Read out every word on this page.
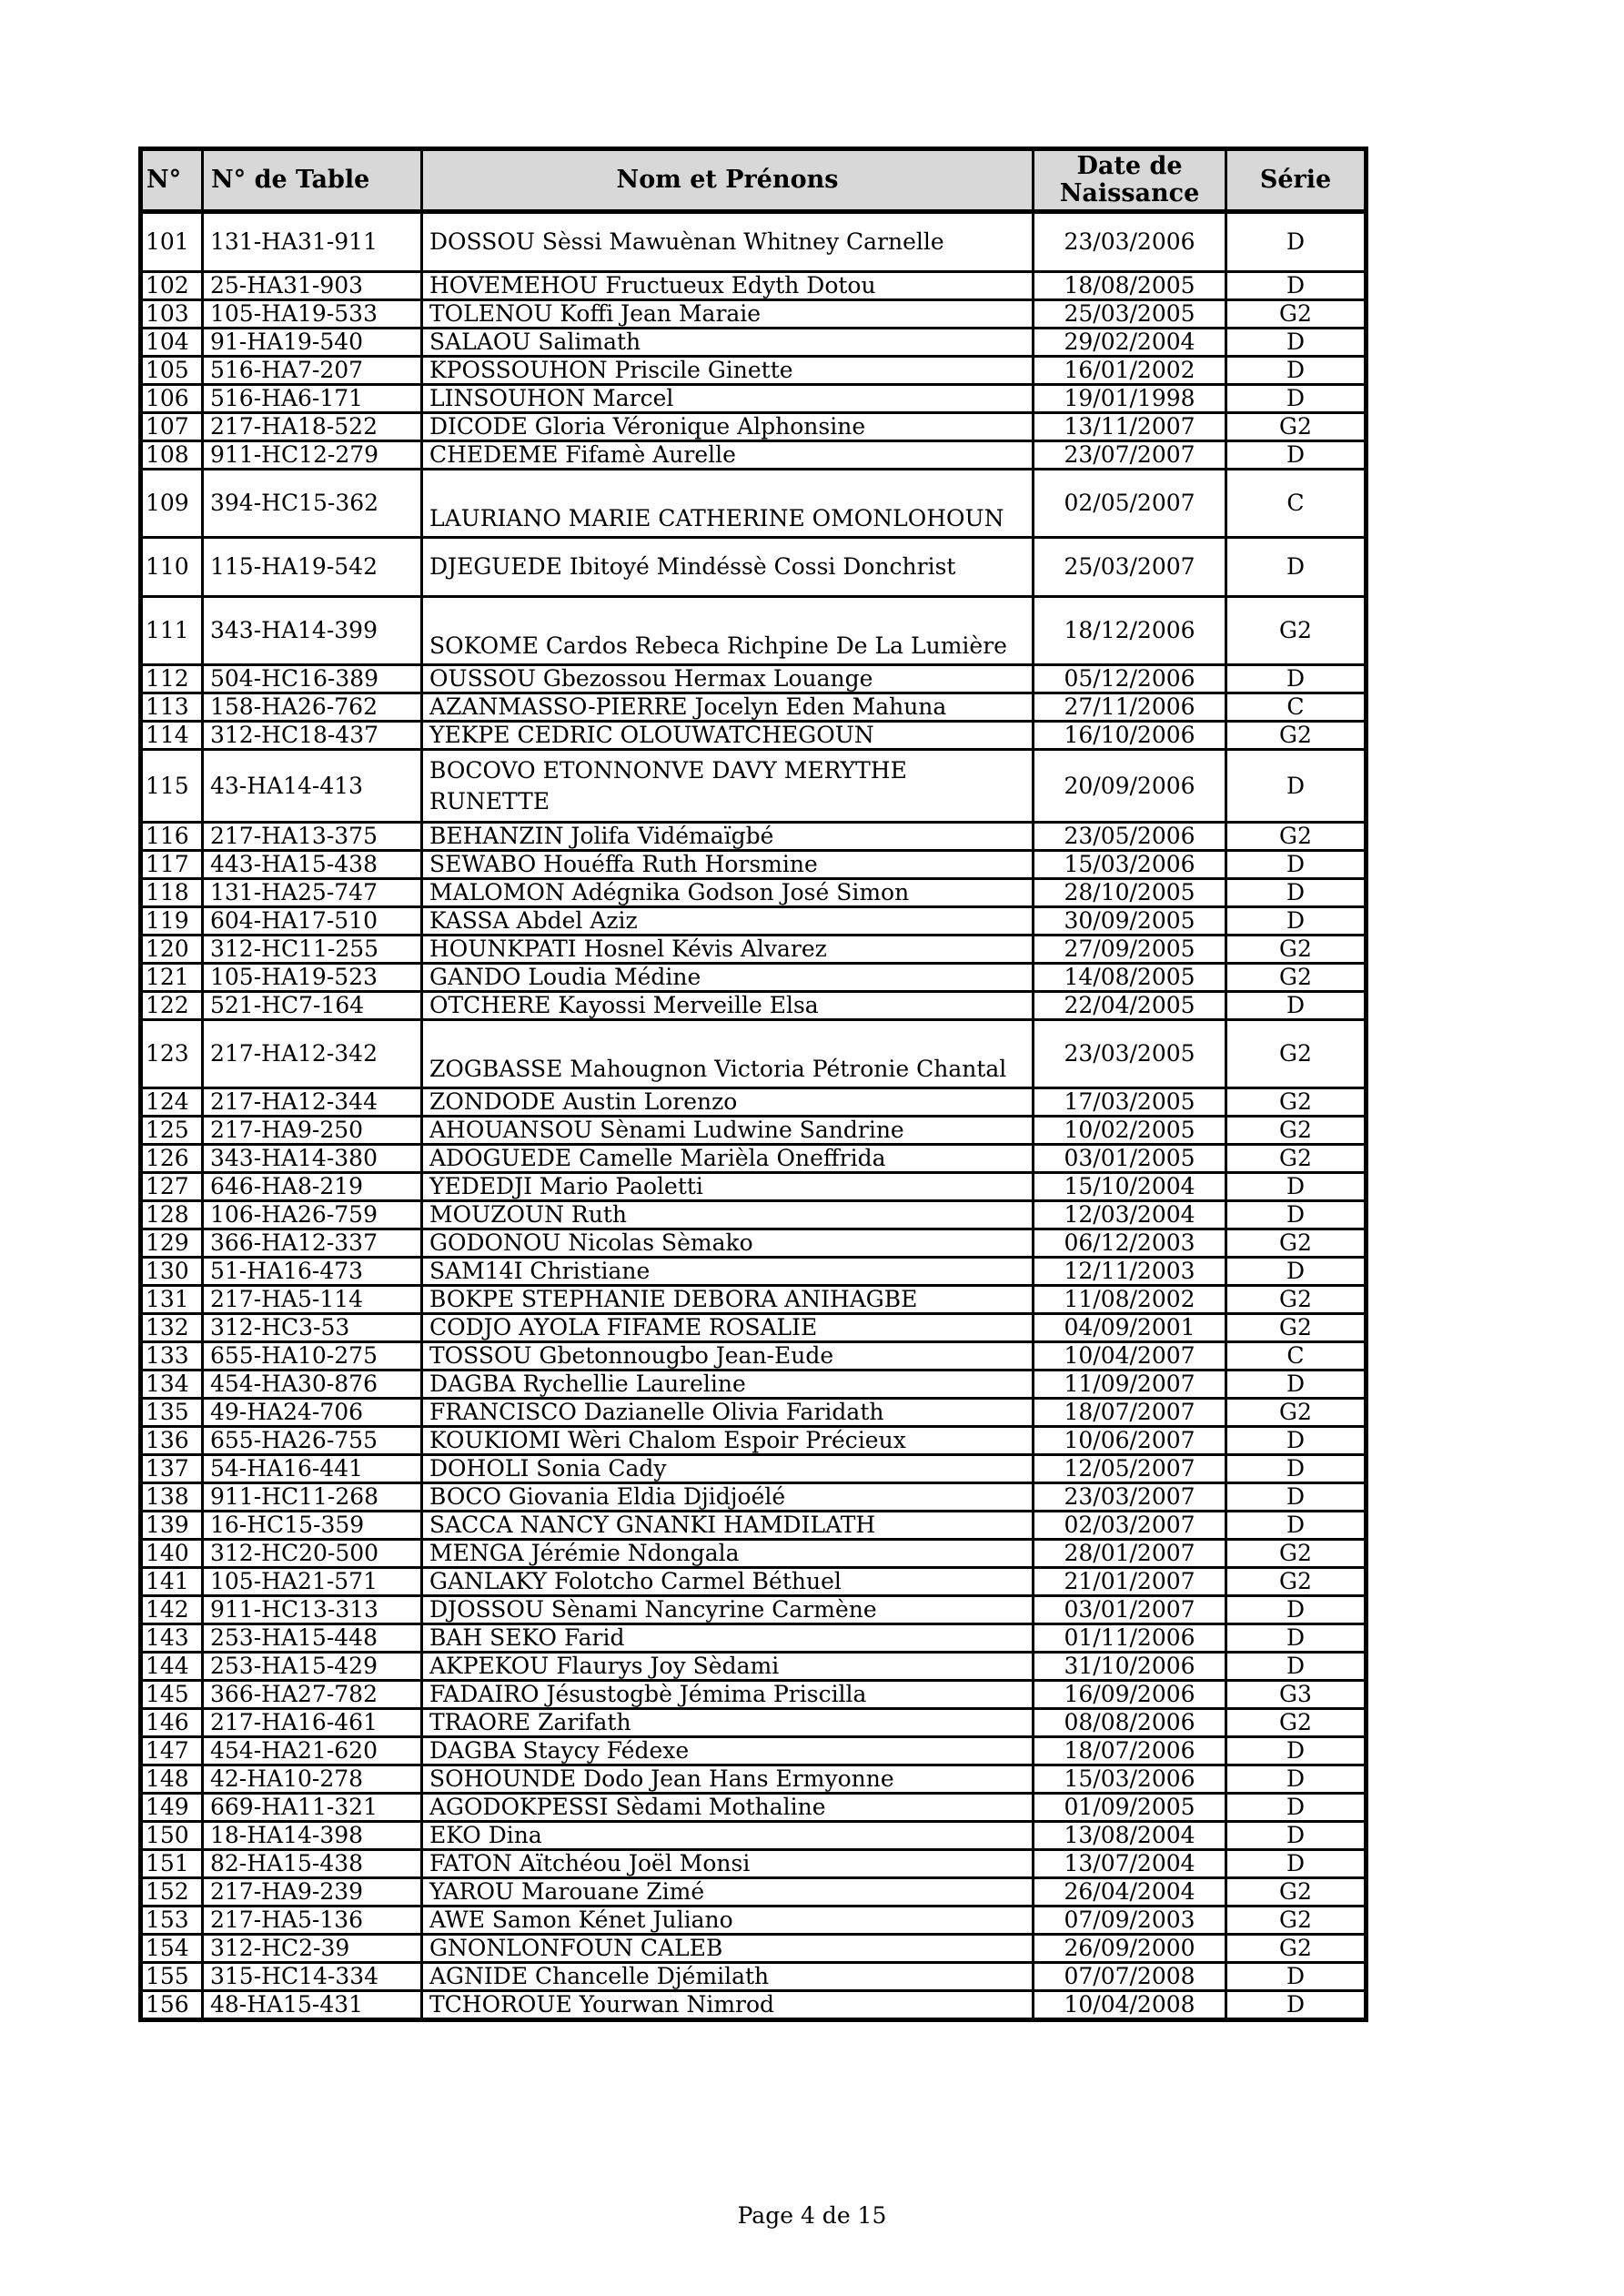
N°	N° de Table	Nom et Prénons	Date de Naissance	Série
101	131-HA31-911	DOSSOU Sèssi Mawuènan Whitney Carnelle	23/03/2006	D
102	25-HA31-903	HOVEMEHOU Fructueux Edyth Dotou	18/08/2005	D
103	105-HA19-533	TOLENOU Koffi Jean Maraie	25/03/2005	G2
104	91-HA19-540	SALAOU Salimath	29/02/2004	D
105	516-HA7-207	KPOSSOUHON Priscile Ginette	16/01/2002	D
106	516-HA6-171	LINSOUHON Marcel	19/01/1998	D
107	217-HA18-522	DICODE Gloria Véronique Alphonsine	13/11/2007	G2
108	911-HC12-279	CHEDEME Fifamè Aurelle	23/07/2007	D
109	394-HC15-362	LAURIANO MARIE CATHERINE OMONLOHOUN	02/05/2007	C
110	115-HA19-542	DJEGUEDE Ibitoyé Mindéssè Cossi Donchrist	25/03/2007	D
111	343-HA14-399	SOKOME Cardos Rebeca Richpine De La Lumière	18/12/2006	G2
112	504-HC16-389	OUSSOU Gbezossou Hermax Louange	05/12/2006	D
113	158-HA26-762	AZANMASSO-PIERRE Jocelyn Eden Mahuna	27/11/2006	C
114	312-HC18-437	YEKPE CEDRIC OLOUWATCHEGOUN	16/10/2006	G2
115	43-HA14-413	BOCOVO ETONNONVE DAVY MERYTHE RUNETTE	20/09/2006	D
116	217-HA13-375	BEHANZIN Jolifa Vidémaïgbé	23/05/2006	G2
117	443-HA15-438	SEWABO Houéffa Ruth Horsmine	15/03/2006	D
118	131-HA25-747	MALOMON Adégnika Godson José Simon	28/10/2005	D
119	604-HA17-510	KASSA Abdel Aziz	30/09/2005	D
120	312-HC11-255	HOUNKPATI Hosnel Kévis Alvarez	27/09/2005	G2
121	105-HA19-523	GANDO Loudia Médine	14/08/2005	G2
122	521-HC7-164	OTCHERE Kayossi Merveille Elsa	22/04/2005	D
123	217-HA12-342	ZOGBASSE Mahougnon Victoria Pétronie Chantal	23/03/2005	G2
124	217-HA12-344	ZONDODE Austin Lorenzo	17/03/2005	G2
125	217-HA9-250	AHOUANSOU Sènami Ludwine Sandrine	10/02/2005	G2
126	343-HA14-380	ADOGUEDE Camelle Marièla Oneffrida	03/01/2005	G2
127	646-HA8-219	YEDEDJI Mario Paoletti	15/10/2004	D
128	106-HA26-759	MOUZOUN Ruth	12/03/2004	D
129	366-HA12-337	GODONOU Nicolas Sèmako	06/12/2003	G2
130	51-HA16-473	SAM14I Christiane	12/11/2003	D
131	217-HA5-114	BOKPE STEPHANIE DEBORA ANIHAGBE	11/08/2002	G2
132	312-HC3-53	CODJO AYOLA FIFAME ROSALIE	04/09/2001	G2
133	655-HA10-275	TOSSOU Gbetonnougbo Jean-Eude	10/04/2007	C
134	454-HA30-876	DAGBA Rychellie Laureline	11/09/2007	D
135	49-HA24-706	FRANCISCO Dazianelle Olivia Faridath	18/07/2007	G2
136	655-HA26-755	KOUKIOMI Wèri Chalom Espoir Précieux	10/06/2007	D
137	54-HA16-441	DOHOLI Sonia Cady	12/05/2007	D
138	911-HC11-268	BOCO Giovania Eldia Djidjoélé	23/03/2007	D
139	16-HC15-359	SACCA NANCY GNANKI HAMDILATH	02/03/2007	D
140	312-HC20-500	MENGA Jérémie Ndongala	28/01/2007	G2
141	105-HA21-571	GANLAKY Folotcho Carmel Béthuel	21/01/2007	G2
142	911-HC13-313	DJOSSOU Sènami Nancyrine Carmène	03/01/2007	D
143	253-HA15-448	BAH SEKO Farid	01/11/2006	D
144	253-HA15-429	AKPEKOU Flaurys Joy Sèdami	31/10/2006	D
145	366-HA27-782	FADAIRO Jésustogbè Jémima Priscilla	16/09/2006	G3
146	217-HA16-461	TRAORE Zarifath	08/08/2006	G2
147	454-HA21-620	DAGBA Staycy Fédexe	18/07/2006	D
148	42-HA10-278	SOHOUNDE Dodo Jean Hans Ermyonne	15/03/2006	D
149	669-HA11-321	AGODOKPESSI Sèdami Mothaline	01/09/2005	D
150	18-HA14-398	EKO Dina	13/08/2004	D
151	82-HA15-438	FATON Aïtchéou Joël Monsi	13/07/2004	D
152	217-HA9-239	YAROU Marouane Zimé	26/04/2004	G2
153	217-HA5-136	AWE Samon Kénet Juliano	07/09/2003	G2
154	312-HC2-39	GNONLONFOUN CALEB	26/09/2000	G2
155	315-HC14-334	AGNIDE Chancelle Djémilath	07/07/2008	D
156	48-HA15-431	TCHOROUE Yourwan Nimrod	10/04/2008	D
Page 4 de 15
